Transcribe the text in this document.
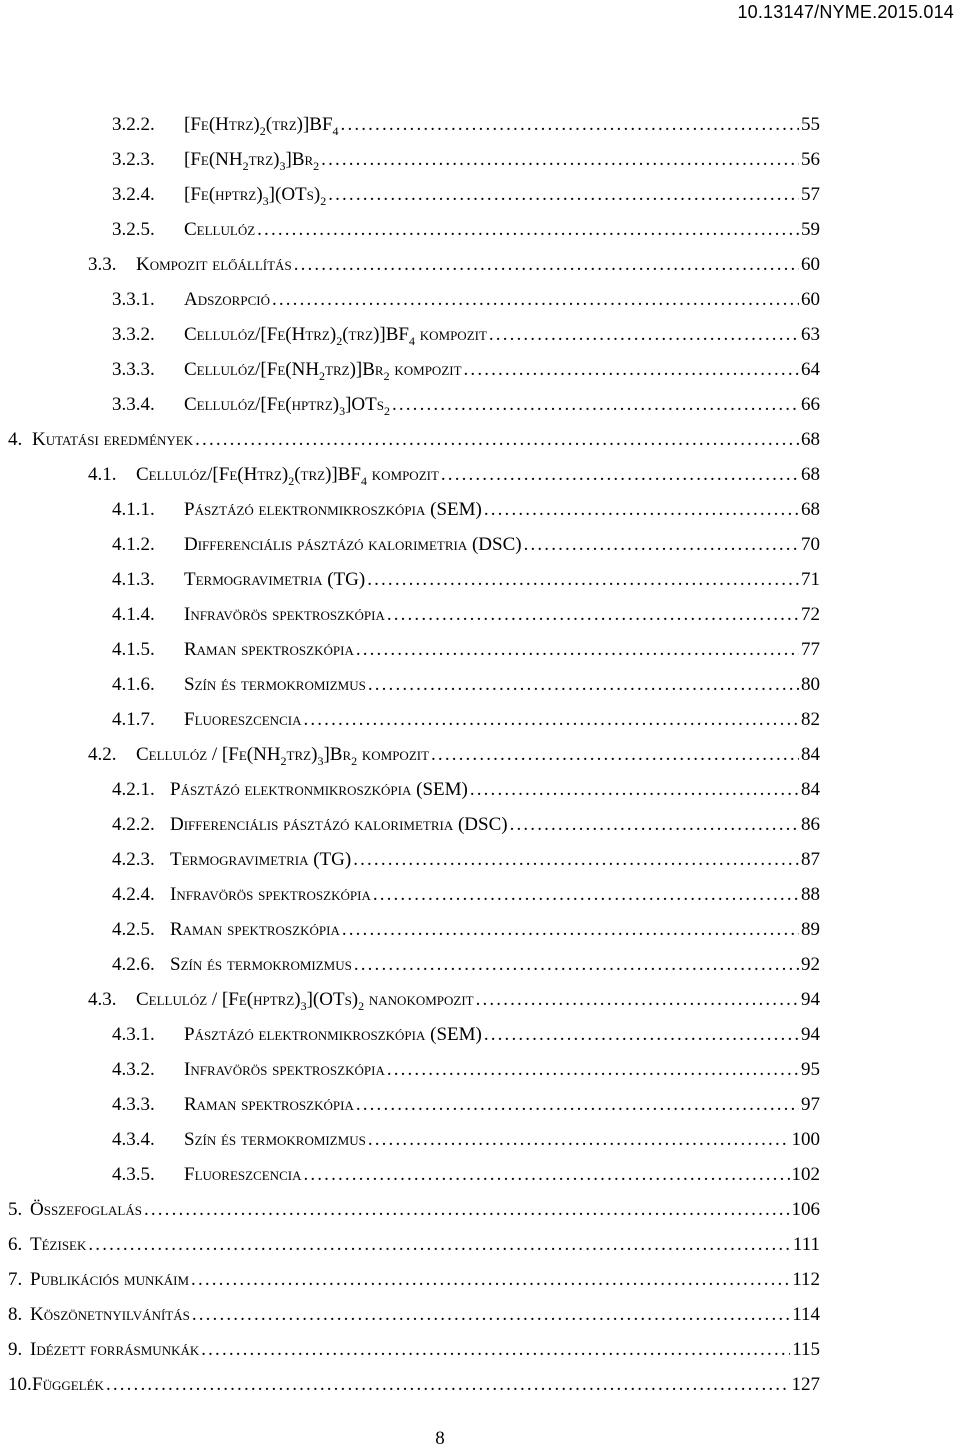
10.13147/NYME.2015.014
3.2.2.	$[Fe(Htrz)_2(trz)]BF_4$ . . .	55
3.2.3.	$[Fe(NH_2trz)_3]Br_2$ . . .	56
3.2.4.	$[Fe(hptrz)_3](OTs)_2$ . . .	57
3.2.5.	Cellulóz . . .	59
3.3.	Kompozit előállítás . . .	60
3.3.1.	Adszorpció . . .	60
3.3.2.	Cellulóz/$[Fe(Htrz)_2(trz)]BF_4$ kompozit . . .	63
3.3.3.	Cellulóz/$[Fe(NH_2trz)]Br_2$ kompozit . . .	64
3.3.4.	Cellulóz/$[Fe(hptrz)_3]OTs_2$ . . .	66
4. Kutatási eredmények . . .	68
4.1.	Cellulóz/$[Fe(Htrz)_2(trz)]BF_4$ kompozit . . .	68
4.1.1.	Pásztázó elektronmikroszkópia (SEM) . . .	68
4.1.2.	Differenciális pásztázó kalorimetria (DSC) . . .	70
4.1.3.	Termogravimetria (TG) . . .	71
4.1.4.	Infravörös spektroszkópia . . .	72
4.1.5.	Raman spektroszkópia . . .	77
4.1.6.	Szín és termokromizmus . . .	80
4.1.7.	Fluoreszcencia . . .	82
4.2.	Cellulóz / $[Fe(NH_2trz)_3]Br_2$ kompozit . . .	84
4.2.1. Pásztázó elektronmikroszkópia (SEM) . . .	84
4.2.2. Differenciális pásztázó kalorimetria (DSC) . . .	86
4.2.3. Termogravimetria (TG) . . .	87
4.2.4. Infravörös spektroszkópia . . .	88
4.2.5. Raman spektroszkópia . . .	89
4.2.6. Szín és termokromizmus . . .	92
4.3.	Cellulóz / $[Fe(hptrz)_3](OTs)_2$ nanokompozit . . .	94
4.3.1.	Pásztázó elektronmikroszkópia (SEM) . . .	94
4.3.2.	Infravörös spektroszkópia . . .	95
4.3.3.	Raman spektroszkópia . . .	97
4.3.4.	Szín és termokromizmus . . .	100
4.3.5.	Fluoreszcencia . . .	102
5. Összefoglalás . . .	106
6. Tézisek . . .	111
7. Publikációs munkáim . . .	112
8. Köszönetnyilvánítás . . .	114
9. Idézett forrásmunkák . . .	115
10. Függelék . . .	127
8
